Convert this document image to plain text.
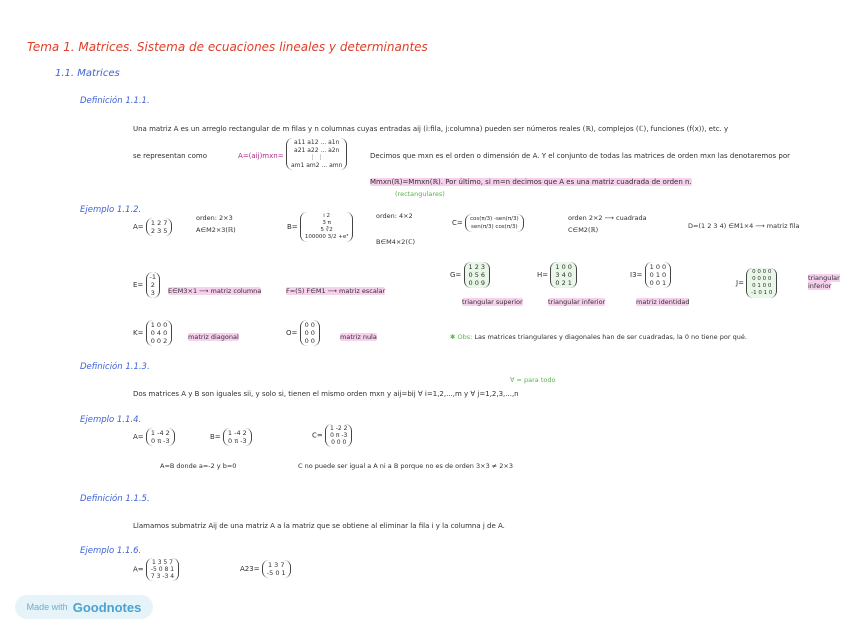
Tema 1. Matrices. Sistema de ecuaciones lineales y determinantes
1.1. Matrices
Definición 1.1.1.
Una matriz A es un arreglo rectangular de m filas y n columnas cuyas entradas aij (i:fila, j:columna) pueden ser números reales (ℝ), complejos (ℂ), funciones (f(x)), etc. y
se representan como	A=(aij)mxn=
a11 a12 ... a1n
a21 a22 ... a2n
⋮ ⋮
am1 am2 ... amn
Decimos que mxn es el orden o dimensión de A. Y el conjunto de todas las matrices de orden mxn las denotaremos por
Mmxn(ℝ)=Mmxn(ℝ). Por último, si m=n decimos que A es una matriz cuadrada de orden n.
(rectangulares)
Ejemplo 1.1.2.
A= 1 2 7
2 3 5
orden: 2×3
A∈M2×3(ℝ)	B=
i 2
3 π
5 ∛2
100000 3/2 +e³
orden: 4×2
B∈M4×2(ℂ)
C= cos(π/3) -sen(π/3)
sen(π/3) cos(π/3)
orden 2×2 ⟶ cuadrada
C∈M2(ℝ)	D=(1 2 3 4) ∈M1×4 ⟶ matriz fila
E=
-1
2
3 E∈M3×1 ⟶ matriz columna	F=(5) F∈M1 ⟶ matriz escalar
G=
1 2 3
0 5 6
0 0 9
triangular superior
H=
1 0 0
3 4 0
0 2 1
triangular inferior
I3=
1 0 0
0 1 0
0 0 1
matriz identidad
J=
0 0 0 0
0 0 0 0
0 1 0 0
-1 0 1 0
triangular inferior
K=
1 0 0
0 4 0
0 0 2	matriz diagonal	O=
0 0
0 0
0 0	matriz nula	✱ Obs: Las matrices triangulares y diagonales han de ser cuadradas, la 0 no tiene por qué.
Definición 1.1.3.
∀ = para todo
Dos matrices A y B son iguales sii, y solo si, tienen el mismo orden mxn y aij=bij ∀ i=1,2,...,m y ∀ j=1,2,3,...,n
Ejemplo 1.1.4.
A= 1 -4 2
0 π -3	B= 1 -4 2
0 π -3
C=
1 -2 2
0 π -3
0 0 0
A=B donde a=-2 y b=0	C no puede ser igual a A ni a B porque no es de orden 3×3 ≠ 2×3
Definición 1.1.5.
Llamamos submatriz Aij de una matriz A a la matriz que se obtiene al eliminar la fila i y la columna j de A.
Ejemplo 1.1.6.
A=
1 3 5 7
-5 0 8 1
7 3 -3 4
A23= 1 3 7
-5 0 1
Made with Goodnotes
